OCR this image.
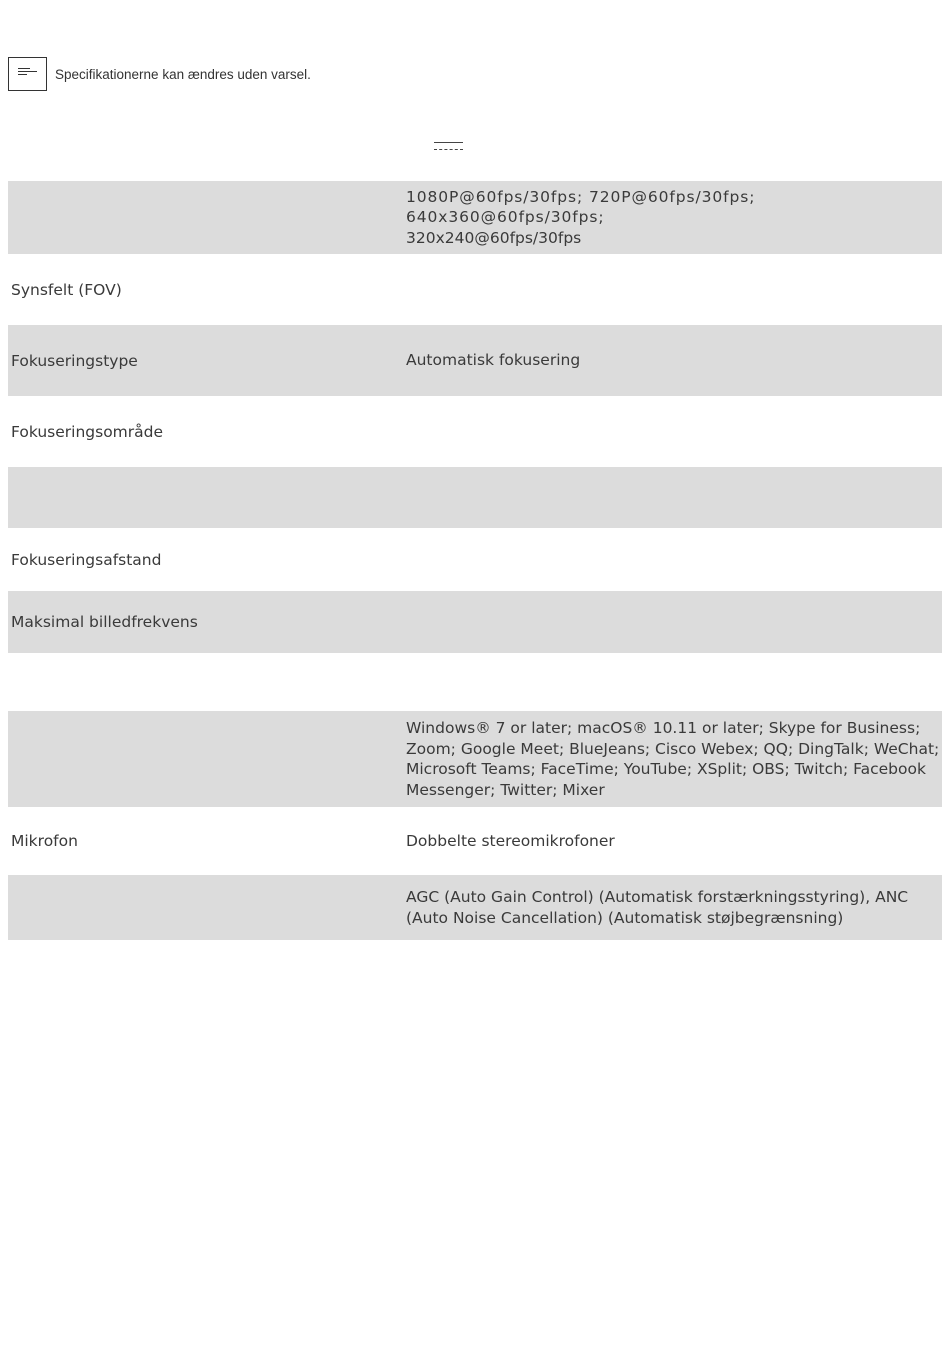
Specifikationerne kan ændres uden varsel.
1080P@60fps/30fps; 720P@60fps/30fps; 640x360@60fps/30fps;
320x240@60fps/30fps
Synsfelt (FOV)
Fokuseringstype	Automatisk fokusering
Fokuseringsområde
Fokuseringsafstand
Maksimal billedfrekvens
Windows® 7 or later; macOS® 10.11 or later; Skype for Business; Zoom; Google Meet; BlueJeans; Cisco Webex; QQ; DingTalk; WeChat; Microsoft Teams; FaceTime; YouTube; XSplit; OBS; Twitch; Facebook Messenger; Twitter; Mixer
Mikrofon	Dobbelte stereomikrofoner
AGC (Auto Gain Control) (Automatisk forstærkningsstyring), ANC (Auto Noise Cancellation) (Automatisk støjbegrænsning)
